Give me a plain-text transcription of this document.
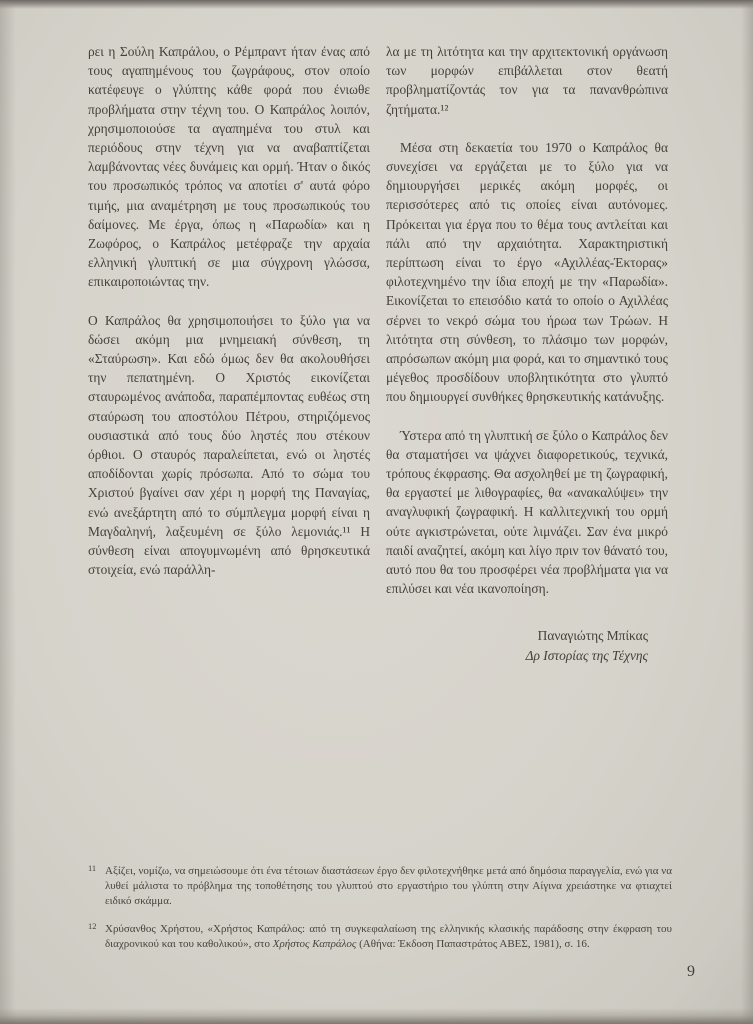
ρει η Σούλη Καπράλου, ο Ρέμπραντ ήταν ένας από τους αγαπημένους του ζωγράφους, στον οποίο κατέφευγε ο γλύπτης κάθε φορά που ένιωθε προβλήματα στην τέχνη του. Ο Καπράλος λοιπόν, χρησιμοποιούσε τα αγαπημένα του στυλ και περιόδους στην τέχνη για να αναβαπτίζεται λαμβάνοντας νέες δυνάμεις και ορμή. Ήταν ο δικός του προσωπικός τρόπος να αποτίει σ' αυτά φόρο τιμής, μια αναμέτρηση με τους προσωπικούς του δαίμονες. Με έργα, όπως η «Παρωδία» και η Ζωφόρος, ο Καπράλος μετέφραζε την αρχαία ελληνική γλυπτική σε μια σύγχρονη γλώσσα, επικαιροποιώντας την.

Ο Καπράλος θα χρησιμοποιήσει το ξύλο για να δώσει ακόμη μια μνημειακή σύνθεση, τη «Σταύρωση». Και εδώ όμως δεν θα ακολουθήσει την πεπατημένη. Ο Χριστός εικονίζεται σταυρωμένος ανάποδα, παραπέμποντας ευθέως στη σταύρωση του αποστόλου Πέτρου, στηριζόμενος ουσιαστικά από τους δύο ληστές που στέκουν όρθιοι. Ο σταυρός παραλείπεται, ενώ οι ληστές αποδίδονται χωρίς πρόσωπα. Από το σώμα του Χριστού βγαίνει σαν χέρι η μορφή της Παναγίας, ενώ ανεξάρτητη από το σύμπλεγμα μορφή είναι η Μαγδαληνή, λαξευμένη σε ξύλο λεμονιάς.¹¹ Η σύνθεση είναι απογυμνωμένη από θρησκευτικά στοιχεία, ενώ παράλλη-

λα με τη λιτότητα και την αρχιτεκτονική οργάνωση των μορφών επιβάλλεται στον θεατή προβληματίζοντάς τον για τα πανανθρώπινα ζητήματα.¹²

Μέσα στη δεκαετία του 1970 ο Καπράλος θα συνεχίσει να εργάζεται με το ξύλο για να δημιουργήσει μερικές ακόμη μορφές, οι περισσότερες από τις οποίες είναι αυτόνομες. Πρόκειται για έργα που το θέμα τους αντλείται και πάλι από την αρχαιότητα. Χαρακτηριστική περίπτωση είναι το έργο «Αχιλλέας-Έκτορας» φιλοτεχνημένο την ίδια εποχή με την «Παρωδία». Εικονίζεται το επεισόδιο κατά το οποίο ο Αχιλλέας σέρνει το νεκρό σώμα του ήρωα των Τρώων. Η λιτότητα στη σύνθεση, το πλάσιμο των μορφών, απρόσωπων ακόμη μια φορά, και το σημαντικό τους μέγεθος προσδίδουν υποβλητικότητα στο γλυπτό που δημιουργεί συνθήκες θρησκευτικής κατάνυξης.

Ύστερα από τη γλυπτική σε ξύλο ο Καπράλος δεν θα σταματήσει να ψάχνει διαφορετικούς, τεχνικά, τρόπους έκφρασης. Θα ασχοληθεί με τη ζωγραφική, θα εργαστεί με λιθογραφίες, θα «ανακαλύψει» την αναγλυφική ζωγραφική. Η καλλιτεχνική του ορμή ούτε αγκιστρώνεται, ούτε λιμνάζει. Σαν ένα μικρό παιδί αναζητεί, ακόμη και λίγο πριν τον θάνατό του, αυτό που θα του προσφέρει νέα προβλήματα για να επιλύσει και νέα ικανοποίηση.

Παναγιώτης Μπίκας
Δρ Ιστορίας της Τέχνης
11 Αξίζει, νομίζω, να σημειώσουμε ότι ένα τέτοιων διαστάσεων έργο δεν φιλοτεχνήθηκε μετά από δημόσια παραγγελία, ενώ για να λυθεί μάλιστα το πρόβλημα της τοποθέτησης του γλυπτού στο εργαστήριο του γλύπτη στην Αίγινα χρειάστηκε να φτιαχτεί ειδικό σκάμμα.
12 Χρύσανθος Χρήστου, «Χρήστος Καπράλος: από τη συγκεφαλαίωση της ελληνικής κλασικής παράδοσης στην έκφραση του διαχρονικού και του καθολικού», στο Χρήστος Καπράλος (Αθήνα: Έκδοση Παπαστράτος ΑΒΕΣ, 1981), σ. 16.
9
